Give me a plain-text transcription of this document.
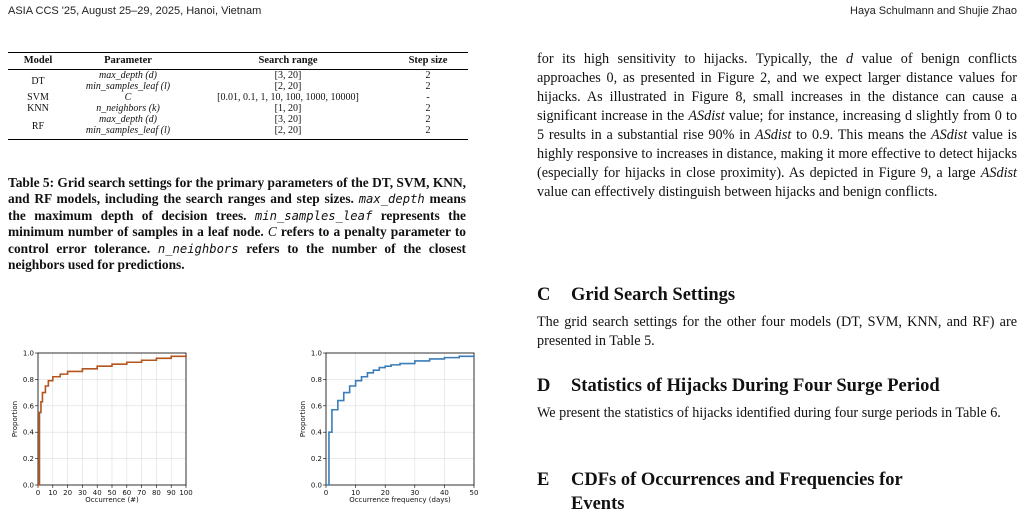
ASIA CCS '25, August 25–29, 2025, Hanoi, Vietnam	Haya Schulmann and Shujie Zhao
Model	Parameter	Search range	Step size
DT	max_depth (d)	[3, 20]	2
	min_samples_leaf (l)	[2, 20]	2
SVM	C	[0.01, 0.1, 1, 10, 100, 1000, 10000]	-
KNN	n_neighbors (k)	[1, 20]	2
RF	max_depth (d)	[3, 20]	2
	min_samples_leaf (l)	[2, 20]	2
Table 5: Grid search settings for the primary parameters of the DT, SVM, KNN, and RF models, including the search ranges and step sizes. max_depth means the maximum depth of decision trees. min_samples_leaf represents the minimum number of samples in a leaf node. C refers to a penalty parameter to control error tolerance. n_neighbors refers to the number of the closest neighbors used for predictions.
0.0
0.2
0.4
0.6
0.8
1.0
0 10 20 30 40 50 60 70 80 90 100
Occurrence (#)
Proportion
0.0
0.2
0.4
0.6
0.8
1.0
0	10	20	30	40	50
Occurrence frequency (days)
Proportion
for its high sensitivity to hijacks. Typically, the d value of benign conflicts approaches 0, as presented in Figure 2, and we expect larger distance values for hijacks. As illustrated in Figure 8, small increases in the distance can cause a significant increase in the ASdist value; for instance, increasing d slightly from 0 to 5 results in a substantial rise 90% in ASdist to 0.9. This means the ASdist value is highly responsive to increases in distance, making it more effective to detect hijacks (especially for hijacks in close proximity). As depicted in Figure 9, a large ASdist value can effectively distinguish between hijacks and benign conflicts.
C Grid Search Settings
The grid search settings for the other four models (DT, SVM, KNN, and RF) are presented in Table 5.
D Statistics of Hijacks During Four Surge Period
We present the statistics of hijacks identified during four surge periods in Table 6.
E CDFs of Occurrences and Frequencies for
Events
